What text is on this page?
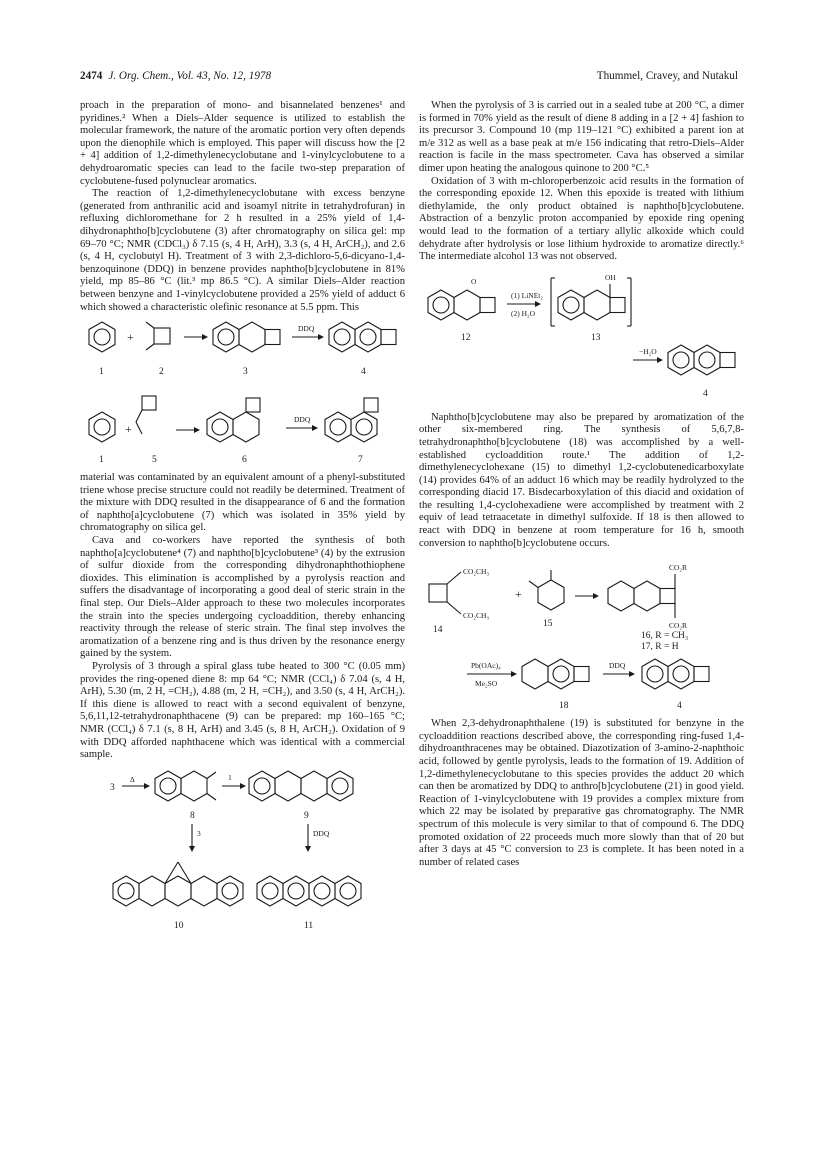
2474 J. Org. Chem., Vol. 43, No. 12, 1978	Thummel, Cravey, and Nutakul

proach in the preparation of mono- and bisannelated benzenes¹ and pyridines.² When a Diels–Alder sequence is utilized to establish the molecular framework, the nature of the aromatic portion very often depends upon the dienophile which is employed. This paper will discuss how the [2 + 4] addition of 1,2-dimethylenecyclobutane and 1-vinylcyclobutene to a dehydroaromatic species can lead to the facile two-step preparation of cyclobutene-fused polynuclear aromatics.

The reaction of 1,2-dimethylenecyclobutane with excess benzyne (generated from anthranilic acid and isoamyl nitrite in tetrahydrofuran) in refluxing dichloromethane for 2 h resulted in a 25% yield of 1,4-dihydronaphtho[b]cyclobutene (3) after chromatography on silica gel: mp 69–70 °C; NMR (CDCl₃) δ 7.15 (s, 4 H, ArH), 3.3 (s, 4 H, ArCH₂), and 2.6 (s, 4 H, cyclobutyl H). Treatment of 3 with 2,3-dichloro-5,6-dicyano-1,4-benzoquinone (DDQ) in benzene provides naphtho[b]cyclobutene in 81% yield, mp 85–86 °C (lit.³ mp 86.5 °C). A similar Diels–Alder reaction between benzyne and 1-vinylcyclobutene provided a 25% yield of adduct 6 which showed a characteristic olefinic resonance at 5.5 ppm. This

+
DDQ
1	2	3	4
+
DDQ
1	5	6	7

material was contaminated by an equivalent amount of a phenyl-substituted triene whose precise structure could not readily be determined. Treatment of the mixture with DDQ resulted in the disappearance of 6 and the formation of naphtho[a]cyclobutene (7) which was isolated in 35% yield by chromatography on silica gel.

Cava and co-workers have reported the synthesis of both naphtho[a]cyclobutene⁴ (7) and naphtho[b]cyclobutene³ (4) by the extrusion of sulfur dioxide from the corresponding dihydronaphthothiophene dioxides. This elimination is accomplished by a pyrolysis reaction and suffers the disadvantage of incorporating a good deal of steric strain in the final step. Our Diels–Alder approach to these two molecules incorporates the strain into the species undergoing cycloaddition, thereby enhancing reactivity through the release of steric strain. The final step involves the aromatization of a benzene ring and is thus driven by the resonance energy gained by the system.

Pyrolysis of 3 through a spiral glass tube heated to 300 °C (0.05 mm) provides the ring-opened diene 8: mp 64 °C; NMR (CCl₄) δ 7.04 (s, 4 H, ArH), 5.30 (m, 2 H, =CH₂), 4.88 (m, 2 H, =CH₂), and 3.50 (s, 4 H, ArCH₂). If this diene is allowed to react with a second equivalent of benzyne, 5,6,11,12-tetrahydronaphthacene (9) can be prepared: mp 160–165 °C; NMR (CCl₄) δ 7.1 (s, 8 H, ArH) and 3.45 (s, 8 H, ArCH₂). Oxidation of 9 with DDQ afforded naphthacene which was identical with a commercial sample.

3
Δ	1
8	9
3	DDQ
10	11

When the pyrolysis of 3 is carried out in a sealed tube at 200 °C, a dimer is formed in 70% yield as the result of diene 8 adding in a [2 + 4] fashion to its precursor 3. Compound 10 (mp 119–121 °C) exhibited a parent ion at m/e 312 as well as a base peak at m/e 156 indicating that retro-Diels–Alder reaction is facile in the mass spectrometer. Cava has observed a similar dimer upon heating the analogous quinone to 200 °C.⁵

Oxidation of 3 with m-chloroperbenzoic acid results in the formation of the corresponding epoxide 12. When this epoxide is treated with lithium diethylamide, the only product obtained is naphtho[b]cyclobutene. Abstraction of a benzylic proton accompanied by epoxide ring opening would lead to the formation of a tertiary allylic alkoxide which could dehydrate after hydrolysis or lose lithium hydroxide to aromatize directly.⁶ The intermediate alcohol 13 was not observed.

O
(1) LiNEt₂
(2) H₂O
OH
12	13
−H₂O
4

Naphtho[b]cyclobutene may also be prepared by aromatization of the other six-membered ring. The synthesis of 5,6,7,8-tetrahydronaphtho[b]cyclobutene (18) was accomplished by a well-established cycloaddition route.¹ The addition of 1,2-dimethylenecyclohexane (15) to dimethyl 1,2-cyclobutenedicarboxylate (14) provides 64% of an adduct 16 which may be readily hydrolyzed to the corresponding diacid 17. Bisdecarboxylation of this diacid and oxidation of the resulting 1,4-cyclohexadiene were accomplished by treatment with 2 equiv of lead tetraacetate in dimethyl sulfoxide. If 18 is then allowed to react with DDQ in benzene at room temperature for 16 h, smooth conversion to naphtho[b]cyclobutene occurs.

CO₂CH₃
CO₂CH₃
+
CO₂R
CO₂R
14
15
16, R = CH₃
17, R = H
Pb(OAc)₄
Me₂SO
DDQ
18	4

When 2,3-dehydronaphthalene (19) is substituted for benzyne in the cycloaddition reactions described above, the corresponding ring-fused 1,4-dihydroanthracenes may be obtained. Diazotization of 3-amino-2-naphthoic acid, followed by gentle pyrolysis, leads to the formation of 19. Addition of 1,2-dimethylenecyclobutane to this species provides the adduct 20 which can then be aromatized by DDQ to anthro[b]cyclobutene (21) in good yield. Reaction of 1-vinylcyclobutene with 19 provides a complex mixture from which 22 may be isolated by preparative gas chromatography. The NMR spectrum of this molecule is very similar to that of compound 6. The DDQ promoted oxidation of 22 proceeds much more slowly than that of 20 but after 3 days at 45 °C conversion to 23 is complete. It has been noted in a number of related cases
